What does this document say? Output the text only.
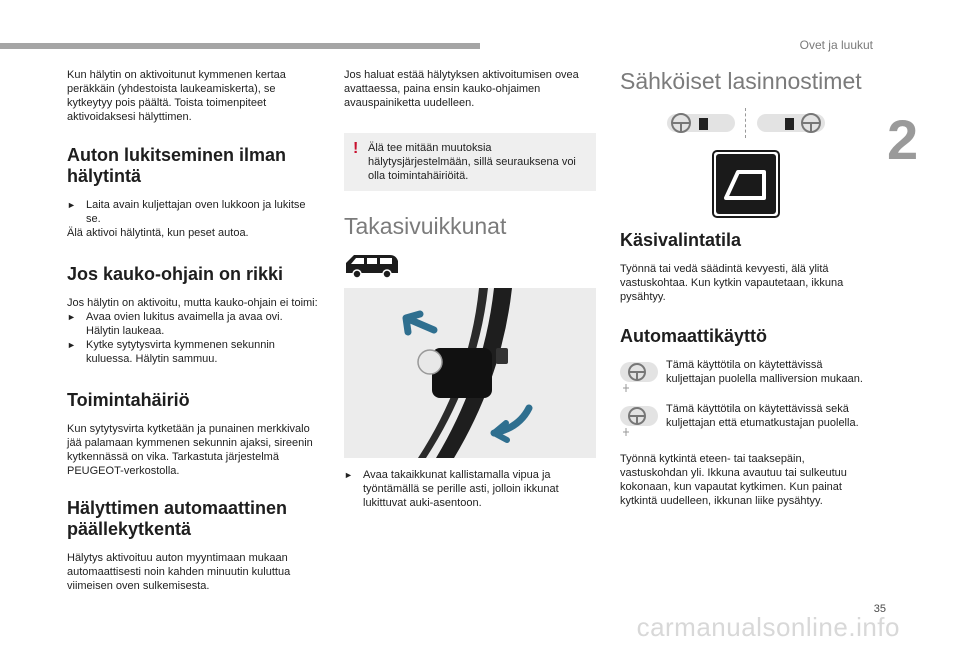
Ovet ja luukut
2

Kun hälytin on aktivoitunut kymmenen kertaa peräkkäin (yhdestoista laukeamiskerta), se kytkeytyy pois päältä. Toista toimenpiteet aktivoidaksesi hälyttimen.

Auton lukitseminen ilman hälytintä

► Laita avain kuljettajan oven lukkoon ja lukitse se.

Älä aktivoi hälytintä, kun peset autoa.

Jos kauko-ohjain on rikki

Jos hälytin on aktivoitu, mutta kauko-ohjain ei toimi:

► Avaa ovien lukitus avaimella ja avaa ovi. Hälytin laukeaa.

► Kytke sytytysvirta kymmenen sekunnin kuluessa. Hälytin sammuu.

Toimintahäiriö

Kun sytytysvirta kytketään ja punainen merkkivalo jää palamaan kymmenen sekunnin ajaksi, sireenin kytkennässä on vika. Tarkastuta järjestelmä PEUGEOT-verkostolla.

Hälyttimen automaattinen päällekytkentä

Hälytys aktivoituu auton myyntimaan mukaan automaattisesti noin kahden minuutin kuluttua viimeisen oven sulkemisesta.

Jos haluat estää hälytyksen aktivoitumisen ovea avattaessa, paina ensin kauko-ohjaimen avauspainiketta uudelleen.

! Älä tee mitään muutoksia hälytysjärjestelmään, sillä seurauksena voi olla toimintahäiriöitä.

Takasivuikkunat

► Avaa takaikkunat kallistamalla vipua ja työntämällä se perille asti, jolloin ikkunat lukittuvat auki-asentoon.

Sähköiset lasinnostimet
Käsivalintatila

Työnnä tai vedä säädintä kevyesti, älä ylitä vastuskohtaa. Kun kytkin vapautetaan, ikkuna pysähtyy.

Automaattikäyttö

Tämä käyttötila on käytettävissä kuljettajan puolella malliversion mukaan.

Tämä käyttötila on käytettävissä sekä kuljettajan että etumatkustajan puolella.

Työnnä kytkintä eteen- tai taaksepäin, vastuskohdan yli. Ikkuna avautuu tai sulkeutuu kokonaan, kun vapautat kytkimen. Kun painat kytkintä uudelleen, ikkunan liike pysähtyy.

35
carmanualsonline.info
